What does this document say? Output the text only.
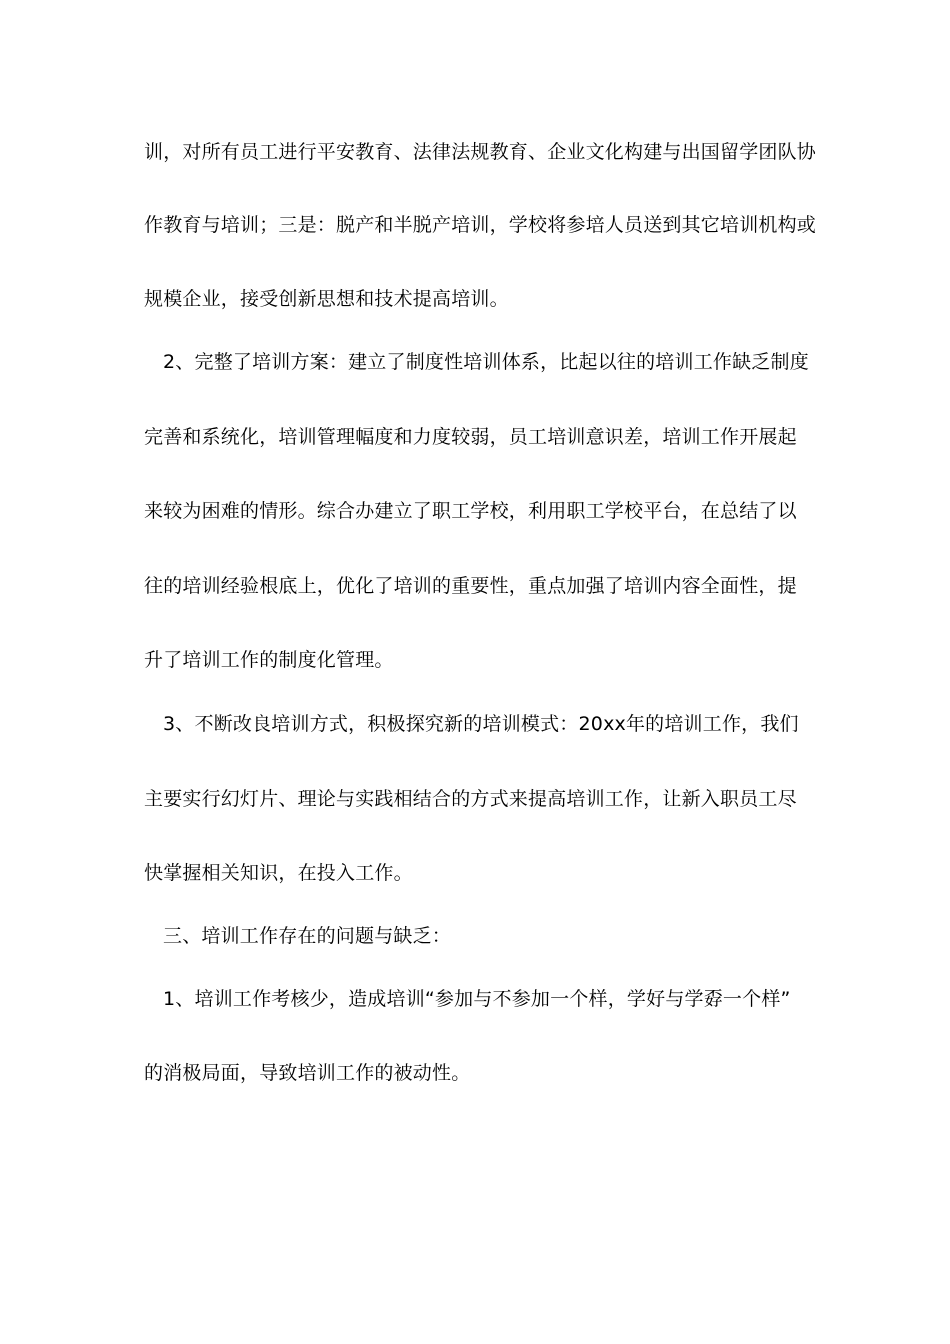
训，对所有员工进行平安教育、法律法规教育、企业文化构建与出国留学团队协
作教育与培训；三是：脱产和半脱产培训，学校将参培人员送到其它培训机构或
规模企业，接受创新思想和技术提高培训。
2、完整了培训方案：建立了制度性培训体系，比起以往的培训工作缺乏制度
完善和系统化，培训管理幅度和力度较弱，员工培训意识差，培训工作开展起
来较为困难的情形。综合办建立了职工学校，利用职工学校平台，在总结了以
往的培训经验根底上，优化了培训的重要性，重点加强了培训内容全面性，提
升了培训工作的制度化管理。
3、不断改良培训方式，积极探究新的培训模式：20xx年的培训工作，我们
主要实行幻灯片、理论与实践相结合的方式来提高培训工作，让新入职员工尽
快掌握相关知识，在投入工作。
三、培训工作存在的问题与缺乏：
1、培训工作考核少，造成培训“参加与不参加一个样，学好与学孬一个样”
的消极局面，导致培训工作的被动性。
